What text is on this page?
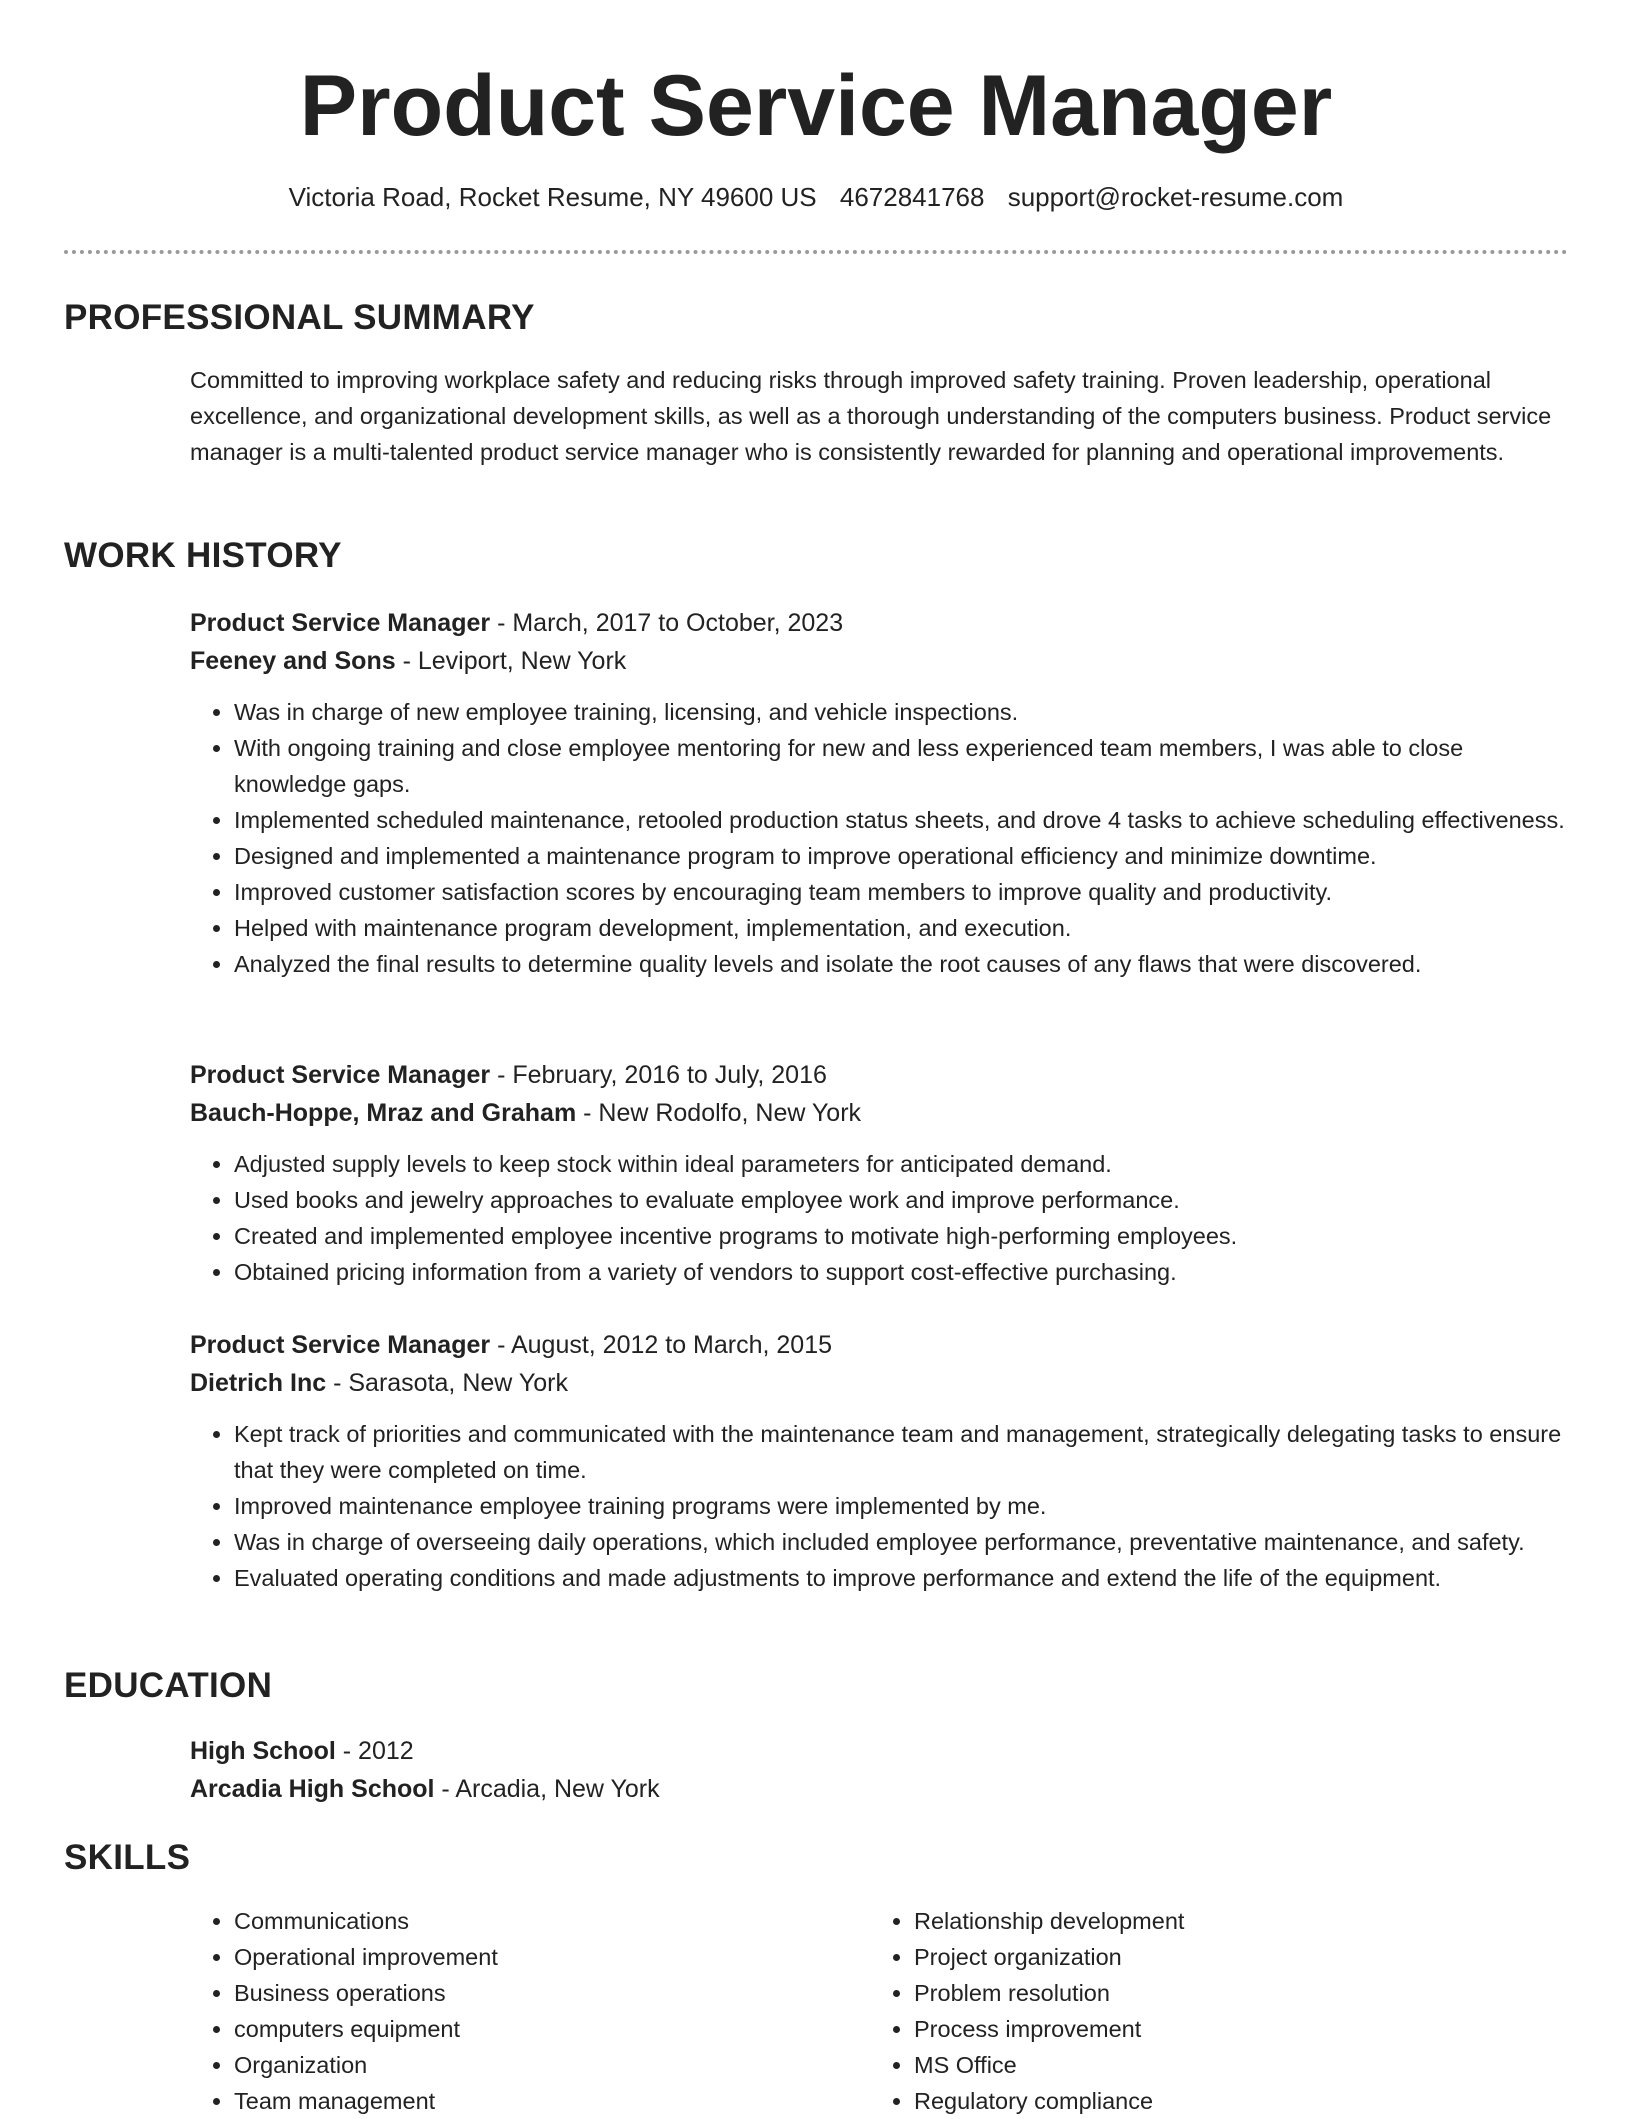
Product Service Manager
Victoria Road, Rocket Resume, NY 49600 US 4672841768 support@rocket-resume.com
PROFESSIONAL SUMMARY

Committed to improving workplace safety and reducing risks through improved safety training. Proven leadership, operational excellence, and organizational development skills, as well as a thorough understanding of the computers business. Product service manager is a multi-talented product service manager who is consistently rewarded for planning and operational improvements.

WORK HISTORY

Product Service Manager - March, 2017 to October, 2023

Feeney and Sons - Leviport, New York

• Was in charge of new employee training, licensing, and vehicle inspections.
• With ongoing training and close employee mentoring for new and less experienced team members, I was able to close knowledge gaps.
• Implemented scheduled maintenance, retooled production status sheets, and drove 4 tasks to achieve scheduling effectiveness.
• Designed and implemented a maintenance program to improve operational efficiency and minimize downtime.
• Improved customer satisfaction scores by encouraging team members to improve quality and productivity.
• Helped with maintenance program development, implementation, and execution.
• Analyzed the final results to determine quality levels and isolate the root causes of any flaws that were discovered.

Product Service Manager - February, 2016 to July, 2016

Bauch-Hoppe, Mraz and Graham - New Rodolfo, New York

• Adjusted supply levels to keep stock within ideal parameters for anticipated demand.
• Used books and jewelry approaches to evaluate employee work and improve performance.
• Created and implemented employee incentive programs to motivate high-performing employees.
• Obtained pricing information from a variety of vendors to support cost-effective purchasing.

Product Service Manager - August, 2012 to March, 2015

Dietrich Inc - Sarasota, New York

• Kept track of priorities and communicated with the maintenance team and management, strategically delegating tasks to ensure that they were completed on time.
• Improved maintenance employee training programs were implemented by me.
• Was in charge of overseeing daily operations, which included employee performance, preventative maintenance, and safety.
• Evaluated operating conditions and made adjustments to improve performance and extend the life of the equipment.
EDUCATION

High School - 2012

Arcadia High School - Arcadia, New York

SKILLS
• Communications
• Operational improvement
• Business operations
• computers equipment
• Organization
• Team management
• Relationship development
• Project organization
• Problem resolution
• Process improvement
• MS Office
• Regulatory compliance
